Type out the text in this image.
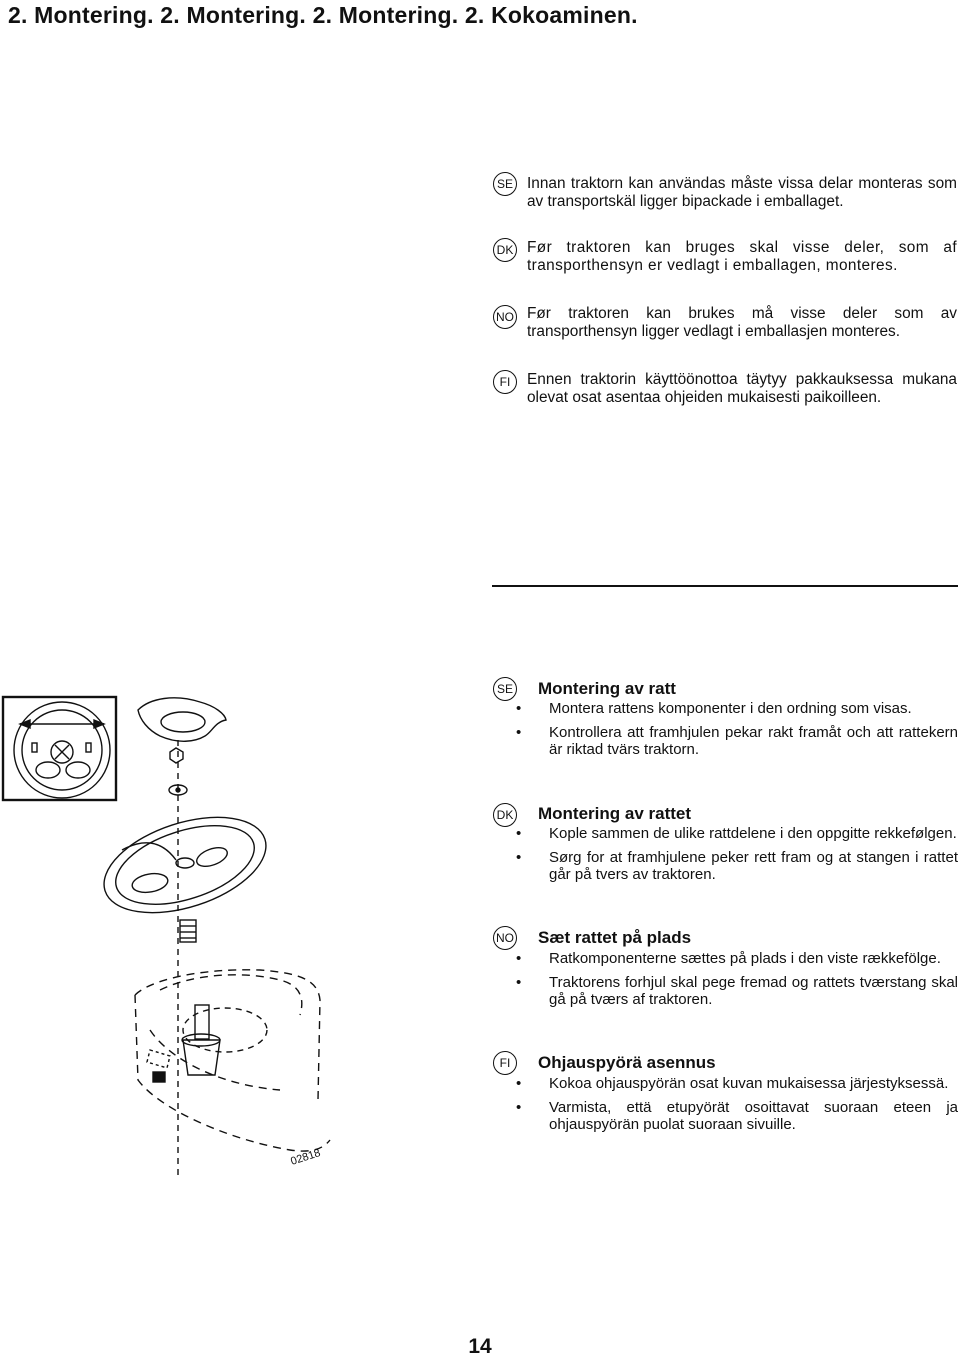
2. Montering. 2. Montering. 2. Montering. 2. Kokoaminen.
SE Innan traktorn kan användas måste vissa delar monteras som av transportskäl ligger bipackade i emballaget.

DK Før traktoren kan bruges skal visse deler, som af transporthensyn er vedlagt i emballagen, monteres.

NO Før traktoren kan brukes må visse deler som av transporthensyn ligger vedlagt i emballasjen monteres.

FI	Ennen traktorin käyttöönottoa täytyy pakkauksessa mukana olevat osat asentaa ohjeiden mukaisesti paikoilleen.

02818
SE Montering av ratt
• Montera rattens komponenter i den ordning som visas.
• Kontrollera att framhjulen pekar rakt framåt och att rattekern är riktad tvärs traktorn.
DK Montering av rattet
• Kople sammen de ulike rattdelene i den oppgitte rekkefølgen.
• Sørg for at framhjulene peker rett fram og at stangen i rattet går på tvers av traktoren.
NO Sæt rattet på plads
• Ratkomponenterne sættes på plads i den viste rækkefölge.
• Traktorens forhjul skal pege fremad og rattets tværstang skal gå på tværs af traktoren.
FI	Ohjauspyörä asennus
• Kokoa ohjauspyörän osat kuvan mukaisessa järjestyksessä.
• Varmista, että etupyörät osoittavat suoraan eteen ja ohjauspyörän puolat suoraan sivuille.

14
